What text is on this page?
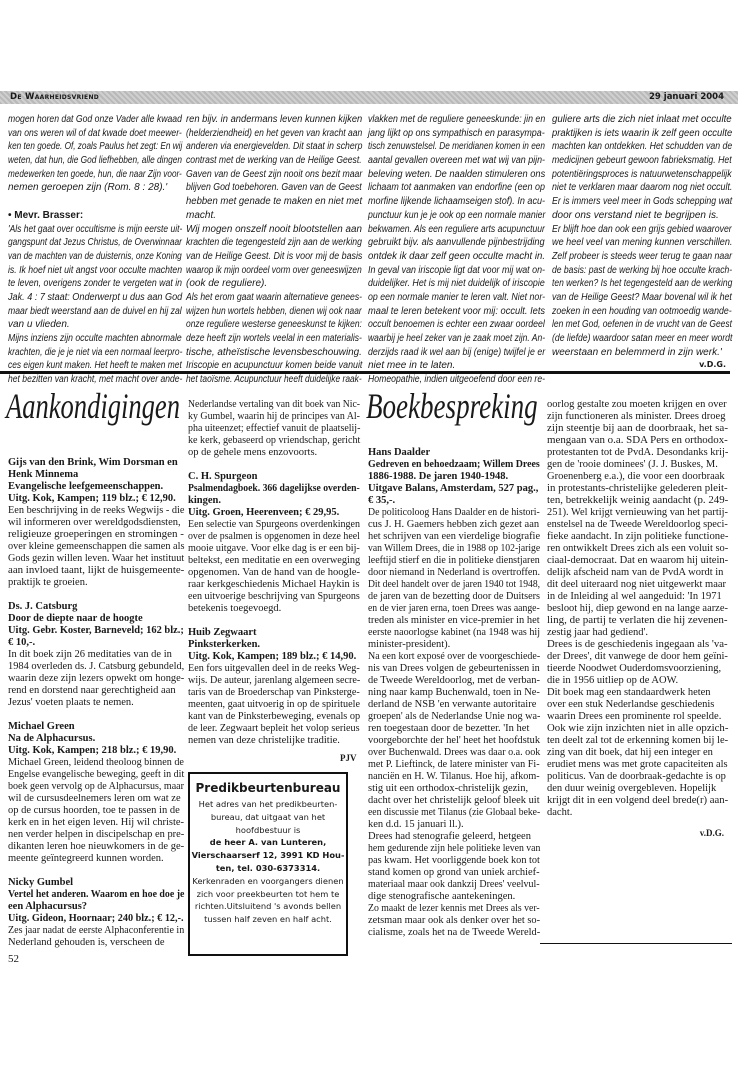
De Waarheidsvriend	29 januari 2004
mogen horen dat God onze Vader alle kwaad
van ons weren wil of dat kwade doet meewer-
ken ten goede. Of, zoals Paulus het zegt: En wij
weten, dat hun, die God liefhebben, alle dingen
medewerken ten goede, hun, die naar Zijn voor-
nemen geroepen zijn (Rom. 8 : 28).'
• Mevr. Brasser:
'Als het gaat over occultisme is mijn eerste uit-
gangspunt dat Jezus Christus, de Overwinnaar
van de machten van de duisternis, onze Koning
is. Ik hoef niet uit angst voor occulte machten
te leven, overigens zonder te vergeten wat in
Jak. 4 : 7 staat: Onderwerpt u dus aan God
maar biedt weerstand aan de duivel en hij zal
van u vlieden.
Mijns inziens zijn occulte machten abnormale
krachten, die je je niet via een normaal leerpro-
ces eigen kunt maken. Het heeft te maken met
het bezitten van kracht, met macht over ande-
ren bijv. in andermans leven kunnen kijken
(helderziendheid) en het geven van kracht aan
anderen via energievelden. Dit staat in scherp
contrast met de werking van de Heilige Geest.
Gaven van de Geest zijn nooit ons bezit maar
blijven God toebehoren. Gaven van de Geest
hebben met genade te maken en niet met
macht.
Wij mogen onszelf nooit blootstellen aan
krachten die tegengesteld zijn aan de werking
van de Heilige Geest. Dit is voor mij de basis
waarop ik mijn oordeel vorm over geneeswijzen
(ook de reguliere).
Als het erom gaat waarin alternatieve genees-
wijzen hun wortels hebben, dienen wij ook naar
onze reguliere westerse geneeskunst te kijken:
deze heeft zijn wortels veelal in een materialis-
tische, atheïstische levensbeschouwing.
Iriscopie en acupunctuur komen beide vanuit
het taoïsme. Acupunctuur heeft duidelijke raak-
vlakken met de reguliere geneeskunde: jin en
jang lijkt op ons sympathisch en parasympa-
tisch zenuwstelsel. De meridianen komen in een
aantal gevallen overeen met wat wij van pijn-
beleving weten. De naalden stimuleren ons
lichaam tot aanmaken van endorfine (een op
morfine lijkende lichaamseigen stof). In acu-
punctuur kun je je ook op een normale manier
bekwamen. Als een reguliere arts acupunctuur
gebruikt bijv. als aanvullende pijnbestrijding
ontdek ik daar zelf geen occulte macht in.
In geval van iriscopie ligt dat voor mij wat on-
duidelijker. Het is mij niet duidelijk of iriscopie
op een normale manier te leren valt. Niet nor-
maal te leren betekent voor mij: occult. Iets
occult benoemen is echter een zwaar oordeel
waarbij je heel zeker van je zaak moet zijn. An-
derzijds raad ik wel aan bij (enige) twijfel je er
niet mee in te laten.
Homeopathie, indien uitgeoefend door een re-
guliere arts die zich niet inlaat met occulte
praktijken is iets waarin ik zelf geen occulte
machten kan ontdekken. Het schudden van de
medicijnen gebeurt gewoon fabrieksmatig. Het
potentiëringsproces is natuurwetenschappelijk
niet te verklaren maar daarom nog niet occult.
Er is immers veel meer in Gods schepping wat
door ons verstand niet te begrijpen is.
Er blijft hoe dan ook een grijs gebied waarover
we heel veel van mening kunnen verschillen.
Zelf probeer is steeds weer terug te gaan naar
de basis: past de werking bij hoe occulte krach-
ten werken? Is het tegengesteld aan de werking
van de Heilige Geest? Maar bovenal wil ik het
zoeken in een houding van ootmoedig wande-
len met God, oefenen in de vrucht van de Geest
(de liefde) waardoor satan meer en meer wordt
weerstaan en belemmerd in zijn werk.'
v.D.G.
Aankondigingen
Gijs van den Brink, Wim Dorsman en
Henk Minnema
Evangelische leefgemeenschappen.
Uitg. Kok, Kampen; 119 blz.; € 12,90.
Een beschrijving in de reeks Wegwijs - die
wil informeren over wereldgodsdiensten,
religieuze groeperingen en stromingen -
over kleine gemeenschappen die samen als
Gods gezin willen leven. Waar het instituut
aan invloed taant, lijkt de huisgemeente-
praktijk te groeien.
Ds. J. Catsburg
Door de diepte naar de hoogte
Uitg. Gebr. Koster, Barneveld; 162 blz.;
€ 10,-.
In dit boek zijn 26 meditaties van de in
1984 overleden ds. J. Catsburg gebundeld,
waarin deze zijn lezers opwekt om honge-
rend en dorstend naar gerechtigheid aan
Jezus' voeten plaats te nemen.
Michael Green
Na de Alphacursus.
Uitg. Kok, Kampen; 218 blz.; € 19,90.
Michael Green, leidend theoloog binnen de
Engelse evangelische beweging, geeft in dit
boek geen vervolg op de Alphacursus, maar
wil de cursusdeelnemers leren om wat ze
op de cursus hoorden, toe te passen in de
kerk en in het eigen leven. Hij wil christe-
nen verder helpen in discipelschap en pre-
dikanten leren hoe nieuwkomers in de ge-
meente geïntegreerd kunnen worden.
Nicky Gumbel
Vertel het anderen. Waarom en hoe doe je
een Alphacursus?
Uitg. Gideon, Hoornaar; 240 blz.; € 12,-.
Zes jaar nadat de eerste Alphaconferentie in
Nederland gehouden is, verscheen de
Nederlandse vertaling van dit boek van Nic-
ky Gumbel, waarin hij de principes van Al-
pha uiteenzet; effectief vanuit de plaatselij-
ke kerk, gebaseerd op vriendschap, gericht
op de gehele mens enzovoorts.
C. H. Spurgeon
Psalmendagboek. 366 dagelijkse overden-
kingen.
Uitg. Groen, Heerenveen; € 29,95.
Een selectie van Spurgeons overdenkingen
over de psalmen is opgenomen in deze heel
mooie uitgave. Voor elke dag is er een bij-
beltekst, een meditatie en een overweging
opgenomen. Van de hand van de hoogle-
raar kerkgeschiedenis Michael Haykin is
een uitvoerige beschrijving van Spurgeons
betekenis toegevoegd.
Huib Zegwaart
Pinksterkerken.
Uitg. Kok, Kampen; 189 blz.; € 14,90.
Een fors uitgevallen deel in de reeks Weg-
wijs. De auteur, jarenlang algemeen secre-
taris van de Broederschap van Pinksterge-
meenten, gaat uitvoerig in op de spirituele
kant van de Pinksterbeweging, evenals op
de leer. Zegwaart bepleit het volop serieus
nemen van deze christelijke traditie.
PJV
Predikbeurtenbureau
Het adres van het predikbeurten-
bureau, dat uitgaat van het
hoofdbestuur is
de heer A. van Lunteren,
Vierschaarserf 12, 3991 KD Hou-
ten, tel. 030-6373314.
Kerkenraden en voorgangers dienen
zich voor preekbeurten tot hem te
richten.Uitsluitend 's avonds bellen
tussen half zeven en half acht.
52
Boekbespreking
Hans Daalder
Gedreven en behoedzaam; Willem Drees
1886-1988. De jaren 1940-1948.
Uitgave Balans, Amsterdam, 527 pag.,
€ 35,-.
De politicoloog Hans Daalder en de histori-
cus J. H. Gaemers hebben zich gezet aan
het schrijven van een vierdelige biografie
van Willem Drees, die in 1988 op 102-jarige
leeftijd stierf en die in politieke dienstjaren
door niemand in Nederland is overtroffen.
Dit deel handelt over de jaren 1940 tot 1948,
de jaren van de bezetting door de Duitsers
en de vier jaren erna, toen Drees was aange-
treden als minister en vice-premier in het
eerste naoorlogse kabinet (na 1948 was hij
minister-president).
Na een kort exposé over de voorgeschiede-
nis van Drees volgen de gebeurtenissen in
de Tweede Wereldoorlog, met de verban-
ning naar kamp Buchenwald, toen in Ne-
derland de NSB 'en verwante autoritaire
groepen' als de Nederlandse Unie nog wa-
ren toegestaan door de bezetter. 'In het
voorgeborchte der hel' heet het hoofdstuk
over Buchenwald. Drees was daar o.a. ook
met P. Lieftinck, de latere minister van Fi-
nanciën en H. W. Tilanus. Hoe hij, afkom-
stig uit een orthodox-christelijk gezin,
dacht over het christelijk geloof bleek uit
een discussie met Tilanus (zie Globaal beke-
ken d.d. 15 januari ll.).
Drees had stenografie geleerd, hetgeen
hem gedurende zijn hele politieke leven van
pas kwam. Het voorliggende boek kon tot
stand komen op grond van uniek archief-
materiaal maar ook dankzij Drees' veelvul-
dige stenografische aantekeningen.
Zo maakt de lezer kennis met Drees als ver-
zetsman maar ook als denker over het so-
cialisme, zoals het na de Tweede Wereld-
oorlog gestalte zou moeten krijgen en over
zijn functioneren als minister. Drees droeg
zijn steentje bij aan de doorbraak, het sa-
mengaan van o.a. SDA Pers en orthodox-
protestanten tot de PvdA. Desondanks krij-
gen de 'rooie dominees' (J. J. Buskes, M.
Groenenberg e.a.), die voor een doorbraak
in protestants-christelijke gelederen pleit-
ten, betrekkelijk weinig aandacht (p. 249-
251). Wel krijgt vernieuwing van het partij-
enstelsel na de Tweede Wereldoorlog speci-
fieke aandacht. In zijn politieke functione-
ren ontwikkelt Drees zich als een voluit so-
ciaal-democraat. Dat en waarom hij uitein-
delijk afscheid nam van de PvdA wordt in
dit deel uiteraard nog niet uitgewerkt maar
in de Inleiding al wel aangeduid: 'In 1971
besloot hij, diep gewond en na lange aarze-
ling, de partij te verlaten die hij zevenen-
zestig jaar had gediend'.
Drees is de geschiedenis ingegaan als 'va-
der Drees', dit vanwege de door hem geïni-
tieerde Noodwet Ouderdomsvoorziening,
die in 1956 uitliep op de AOW.
Dit boek mag een standaardwerk heten
over een stuk Nederlandse geschiedenis
waarin Drees een prominente rol speelde.
Ook wie zijn inzichten niet in alle opzich-
ten deelt zal tot de erkenning komen bij le-
zing van dit boek, dat hij een integer en
erudiet mens was met grote capaciteiten als
politicus. Van de doorbraak-gedachte is op
den duur weinig overgebleven. Hopelijk
krijgt dit in een volgend deel brede(r) aan-
dacht.
v.D.G.
